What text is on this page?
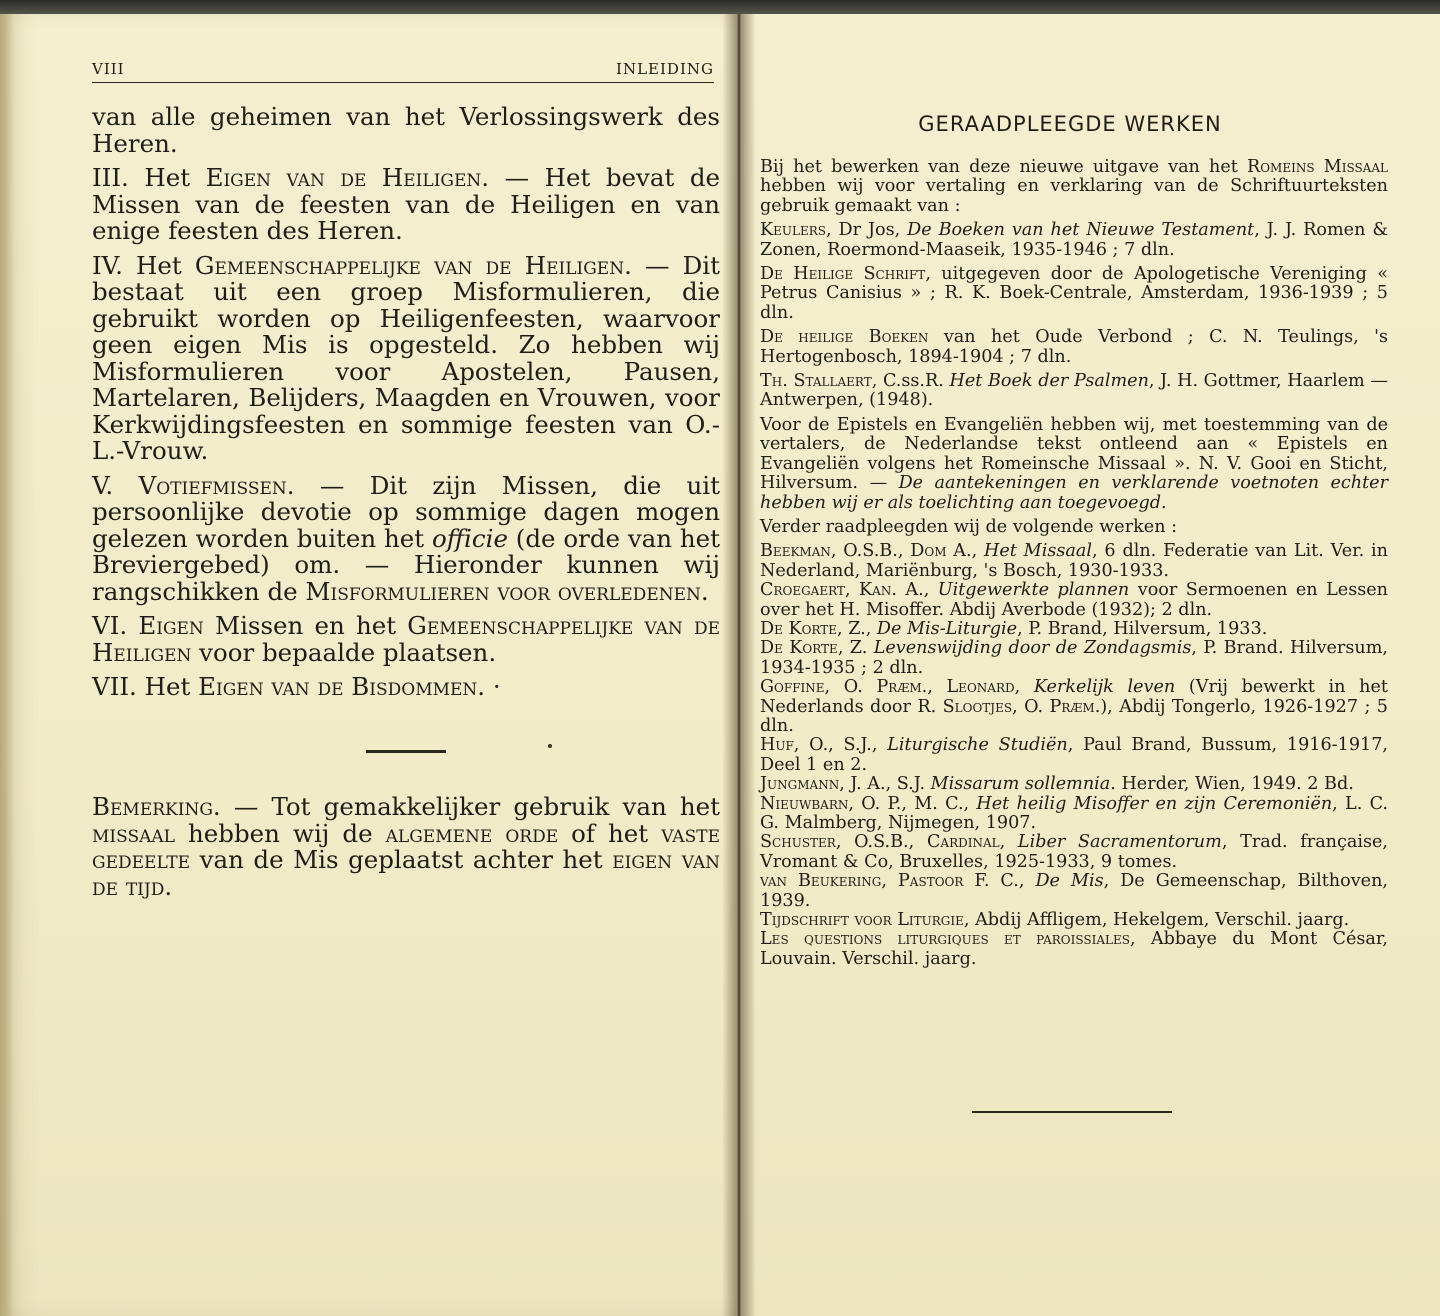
VIII	INLEIDING

van alle geheimen van het Verlossingswerk des Heren.

III. Het Eigen van de Heiligen. — Het bevat de Missen van de feesten van de Heiligen en van enige feesten des Heren.

IV. Het Gemeenschappelijke van de Heiligen. — Dit bestaat uit een groep Misformulieren, die gebruikt worden op Heiligenfeesten, waarvoor geen eigen Mis is opgesteld. Zo hebben wij Misformulieren voor Apostelen, Pausen, Martelaren, Belijders, Maagden en Vrouwen, voor Kerkwijdingsfeesten en sommige feesten van O.-L.-Vrouw.

V. Votiefmissen. — Dit zijn Missen, die uit persoonlijke devotie op sommige dagen mogen gelezen worden buiten het officie (de orde van het Breviergebed) om. — Hieronder kunnen wij rangschikken de Misformulieren voor overledenen.

VI. Eigen Missen en het Gemeenschappelijke van de Heiligen voor bepaalde plaatsen.

VII. Het Eigen van de Bisdommen. ·

Bemerking. — Tot gemakkelijker gebruik van het missaal hebben wij de algemene orde of het vaste gedeelte van de Mis geplaatst achter het eigen van de tijd.
GERAADPLEEGDE WERKEN

Bij het bewerken van deze nieuwe uitgave van het Romeins Missaal hebben wij voor vertaling en verklaring van de Schriftuurteksten gebruik gemaakt van :

Keulers, Dr Jos, De Boeken van het Nieuwe Testament, J. J. Romen & Zonen, Roermond-Maaseik, 1935-1946 ; 7 dln.

De Heilige Schrift, uitgegeven door de Apologetische Vereniging « Petrus Canisius » ; R. K. Boek-Centrale, Amsterdam, 1936-1939 ; 5 dln.

De heilige Boeken van het Oude Verbond ; C. N. Teulings, 's Hertogenbosch, 1894-1904 ; 7 dln.

Th. Stallaert, C.ss.R. Het Boek der Psalmen, J. H. Gottmer, Haarlem — Antwerpen, (1948).

Voor de Epistels en Evangeliën hebben wij, met toestemming van de vertalers, de Nederlandse tekst ontleend aan « Epistels en Evangeliën volgens het Romeinsche Missaal ». N. V. Gooi en Sticht, Hilversum. — De aantekeningen en verklarende voetnoten echter hebben wij er als toelichting aan toegevoegd.

Verder raadpleegden wij de volgende werken :

Beekman, O.S.B., Dom A., Het Missaal, 6 dln. Federatie van Lit. Ver. in Nederland, Mariënburg, 's Bosch, 1930-1933.

Croegaert, Kan. A., Uitgewerkte plannen voor Sermoenen en Lessen over het H. Misoffer. Abdij Averbode (1932); 2 dln.

De Korte, Z., De Mis-Liturgie, P. Brand, Hilversum, 1933.

De Korte, Z. Levenswijding door de Zondagsmis, P. Brand. Hilversum, 1934-1935 ; 2 dln.

Goffine, O. Præm., Leonard, Kerkelijk leven (Vrij bewerkt in het Nederlands door R. Slootjes, O. Præm.), Abdij Tongerlo, 1926-1927 ; 5 dln.

Huf, O., S.J., Liturgische Studiën, Paul Brand, Bussum, 1916-1917, Deel 1 en 2.

Jungmann, J. A., S.J. Missarum sollemnia. Herder, Wien, 1949. 2 Bd.

Nieuwbarn, O. P., M. C., Het heilig Misoffer en zijn Ceremoniën, L. C. G. Malmberg, Nijmegen, 1907.

Schuster, O.S.B., Cardinal, Liber Sacramentorum, Trad. française, Vromant & Co, Bruxelles, 1925-1933, 9 tomes.

van Beukering, Pastoor F. C., De Mis, De Gemeenschap, Bilthoven, 1939.

Tijdschrift voor Liturgie, Abdij Affligem, Hekelgem, Verschil. jaarg.

Les questions liturgiques et paroissiales, Abbaye du Mont César, Louvain. Verschil. jaarg.
